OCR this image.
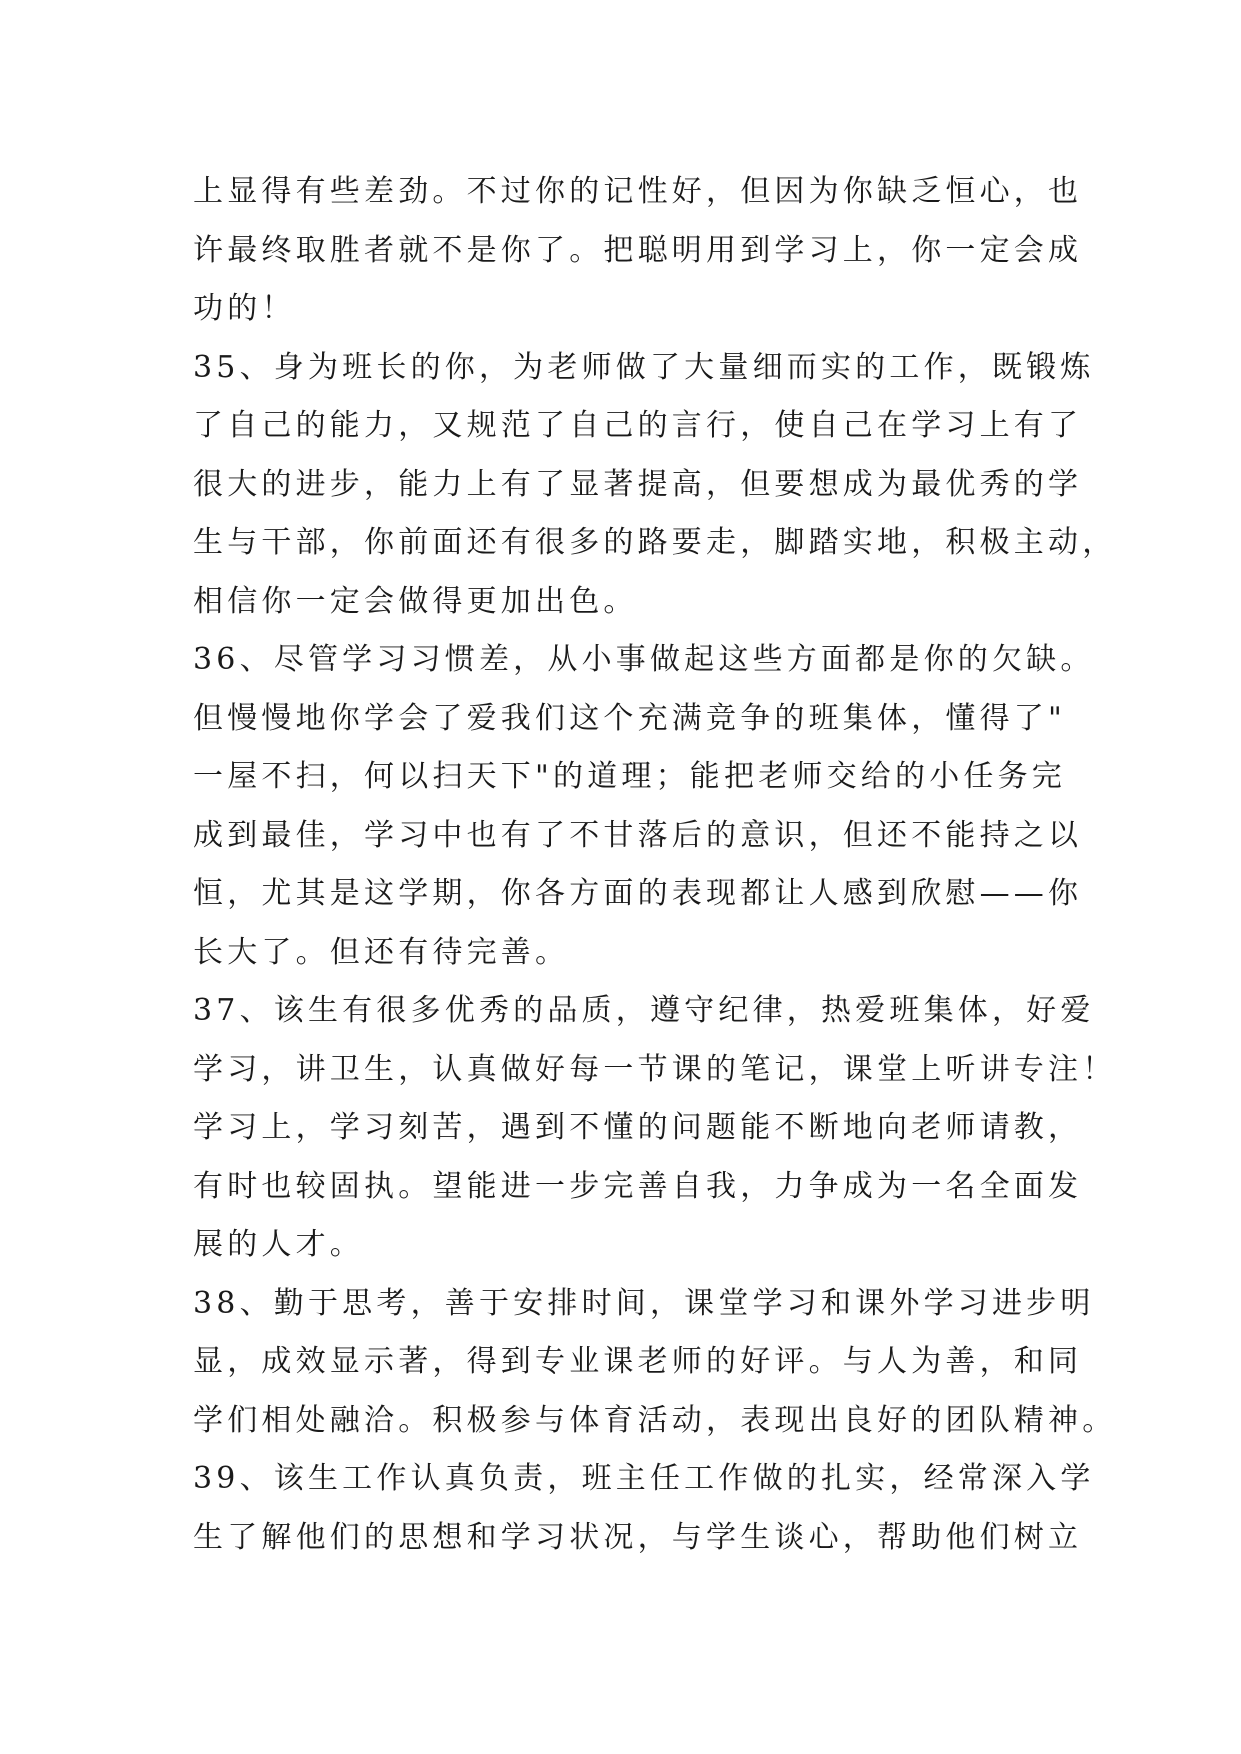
上显得有些差劲。不过你的记性好，但因为你缺乏恒心，也
许最终取胜者就不是你了。把聪明用到学习上，你一定会成
功的！
35、身为班长的你，为老师做了大量细而实的工作，既锻炼
了自己的能力，又规范了自己的言行，使自己在学习上有了
很大的进步，能力上有了显著提高，但要想成为最优秀的学
生与干部，你前面还有很多的路要走，脚踏实地，积极主动，
相信你一定会做得更加出色。
36、尽管学习习惯差，从小事做起这些方面都是你的欠缺。
但慢慢地你学会了爱我们这个充满竞争的班集体，懂得了"
一屋不扫，何以扫天下"的道理；能把老师交给的小任务完
成到最佳，学习中也有了不甘落后的意识，但还不能持之以
恒，尤其是这学期，你各方面的表现都让人感到欣慰——你
长大了。但还有待完善。
37、该生有很多优秀的品质，遵守纪律，热爱班集体，好爱
学习，讲卫生，认真做好每一节课的笔记，课堂上听讲专注！
学习上，学习刻苦，遇到不懂的问题能不断地向老师请教，
有时也较固执。望能进一步完善自我，力争成为一名全面发
展的人才。
38、勤于思考，善于安排时间，课堂学习和课外学习进步明
显，成效显示著，得到专业课老师的好评。与人为善，和同
学们相处融洽。积极参与体育活动，表现出良好的团队精神。
39、该生工作认真负责，班主任工作做的扎实，经常深入学
生了解他们的思想和学习状况，与学生谈心，帮助他们树立
